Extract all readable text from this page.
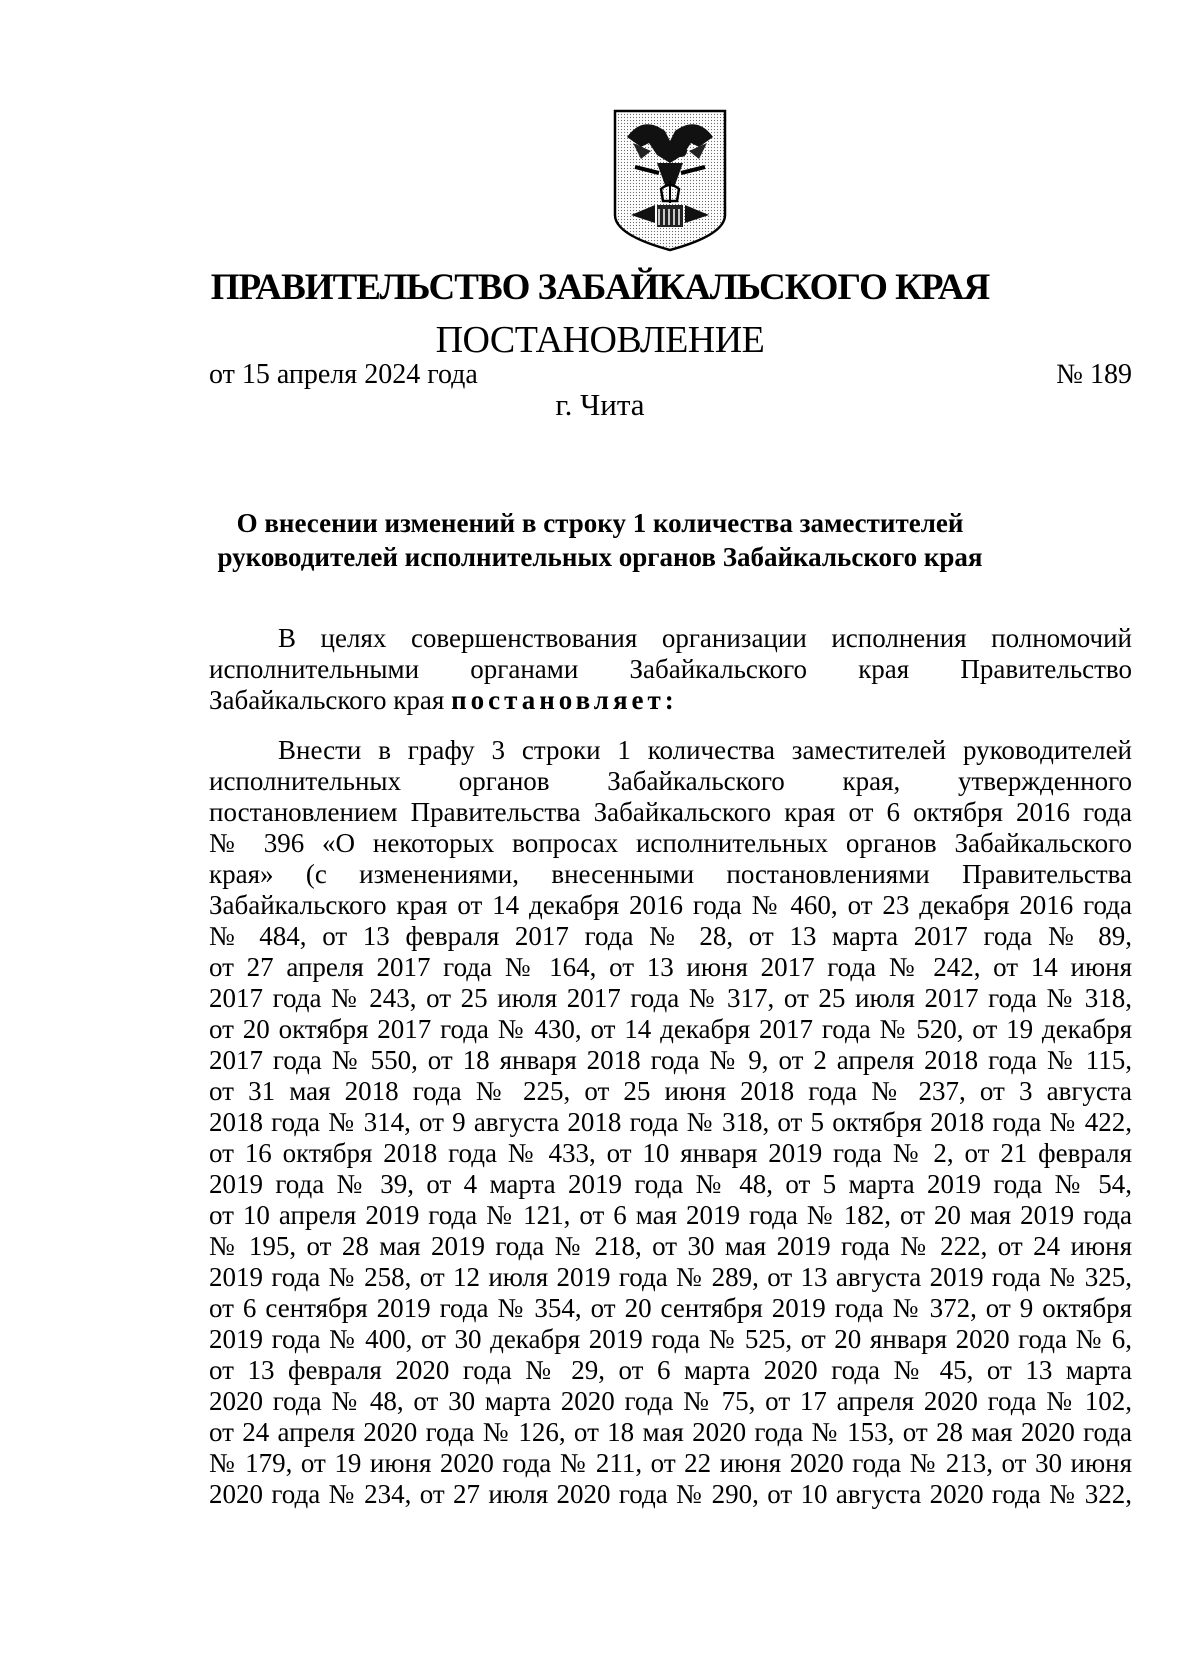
ПРАВИТЕЛЬСТВО ЗАБАЙКАЛЬСКОГО КРАЯ
ПОСТАНОВЛЕНИЕ
от 15 апреля 2024 года	№ 189
г. Чита
О внесении изменений в строку 1 количества заместителей
руководителей исполнительных органов Забайкальского края
В целях совершенствования организации исполнения полномочий
исполнительными органами Забайкальского края Правительство
Забайкальского края постановляет:
Внести в графу 3 строки 1 количества заместителей руководителей
исполнительных органов Забайкальского края, утвержденного
постановлением Правительства Забайкальского края от 6 октября 2016 года
№ 396 «О некоторых вопросах исполнительных органов Забайкальского
края» (с изменениями, внесенными постановлениями Правительства
Забайкальского края от 14 декабря 2016 года № 460, от 23 декабря 2016 года
№ 484, от 13 февраля 2017 года № 28, от 13 марта 2017 года № 89,
от 27 апреля 2017 года № 164, от 13 июня 2017 года № 242, от 14 июня
2017 года № 243, от 25 июля 2017 года № 317, от 25 июля 2017 года № 318,
от 20 октября 2017 года № 430, от 14 декабря 2017 года № 520, от 19 декабря
2017 года № 550, от 18 января 2018 года № 9, от 2 апреля 2018 года № 115,
от 31 мая 2018 года № 225, от 25 июня 2018 года № 237, от 3 августа
2018 года № 314, от 9 августа 2018 года № 318, от 5 октября 2018 года № 422,
от 16 октября 2018 года № 433, от 10 января 2019 года № 2, от 21 февраля
2019 года № 39, от 4 марта 2019 года № 48, от 5 марта 2019 года № 54,
от 10 апреля 2019 года № 121, от 6 мая 2019 года № 182, от 20 мая 2019 года
№ 195, от 28 мая 2019 года № 218, от 30 мая 2019 года № 222, от 24 июня
2019 года № 258, от 12 июля 2019 года № 289, от 13 августа 2019 года № 325,
от 6 сентября 2019 года № 354, от 20 сентября 2019 года № 372, от 9 октября
2019 года № 400, от 30 декабря 2019 года № 525, от 20 января 2020 года № 6,
от 13 февраля 2020 года № 29, от 6 марта 2020 года № 45, от 13 марта
2020 года № 48, от 30 марта 2020 года № 75, от 17 апреля 2020 года № 102,
от 24 апреля 2020 года № 126, от 18 мая 2020 года № 153, от 28 мая 2020 года
№ 179, от 19 июня 2020 года № 211, от 22 июня 2020 года № 213, от 30 июня
2020 года № 234, от 27 июля 2020 года № 290, от 10 августа 2020 года № 322,
